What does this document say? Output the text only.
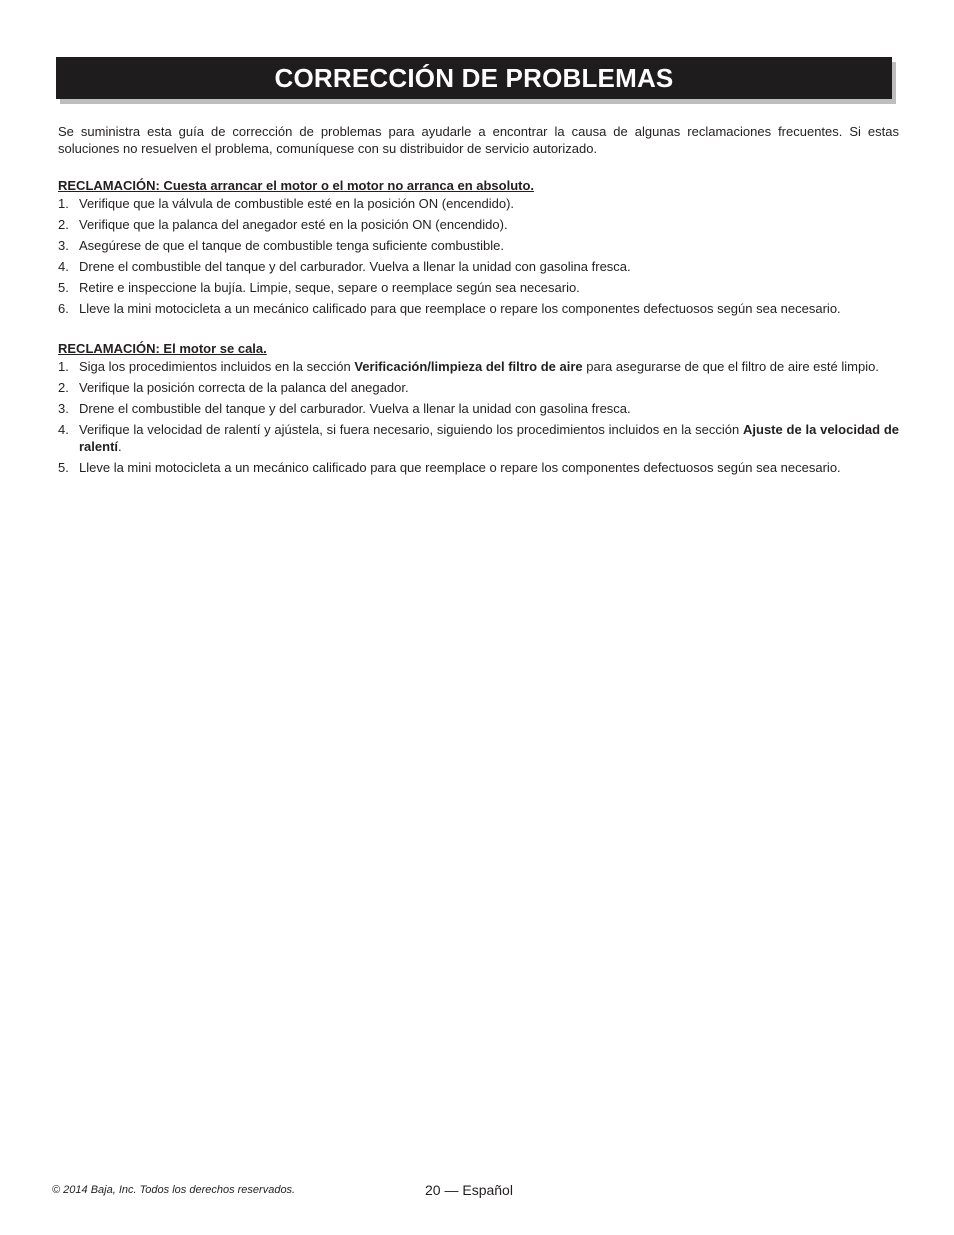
CORRECCIÓN DE PROBLEMAS

Se suministra esta guía de corrección de problemas para ayudarle a encontrar la causa de algunas reclamaciones frecuentes. Si estas soluciones no resuelven el problema, comuníquese con su distribuidor de servicio autorizado.

RECLAMACIÓN: Cuesta arrancar el motor o el motor no arranca en absoluto.

1. Verifique que la válvula de combustible esté en la posición ON (encendido).
2. Verifique que la palanca del anegador esté en la posición ON (encendido).
3. Asegúrese de que el tanque de combustible tenga suficiente combustible.
4. Drene el combustible del tanque y del carburador. Vuelva a llenar la unidad con gasolina fresca.
5. Retire e inspeccione la bujía. Limpie, seque, separe o reemplace según sea necesario.
6. Lleve la mini motocicleta a un mecánico calificado para que reemplace o repare los componentes defectuosos según sea necesario.

RECLAMACIÓN: El motor se cala.

1. Siga los procedimientos incluidos en la sección Verificación/limpieza del filtro de aire para asegurarse de que el filtro de aire esté limpio.
2. Verifique la posición correcta de la palanca del anegador.
3. Drene el combustible del tanque y del carburador. Vuelva a llenar la unidad con gasolina fresca.
4. Verifique la velocidad de ralentí y ajústela, si fuera necesario, siguiendo los procedimientos incluidos en la sección Ajuste de la velocidad de ralentí.
5. Lleve la mini motocicleta a un mecánico calificado para que reemplace o repare los componentes defectuosos según sea necesario.
© 2014 Baja, Inc. Todos los derechos reservados.	20 — Español
